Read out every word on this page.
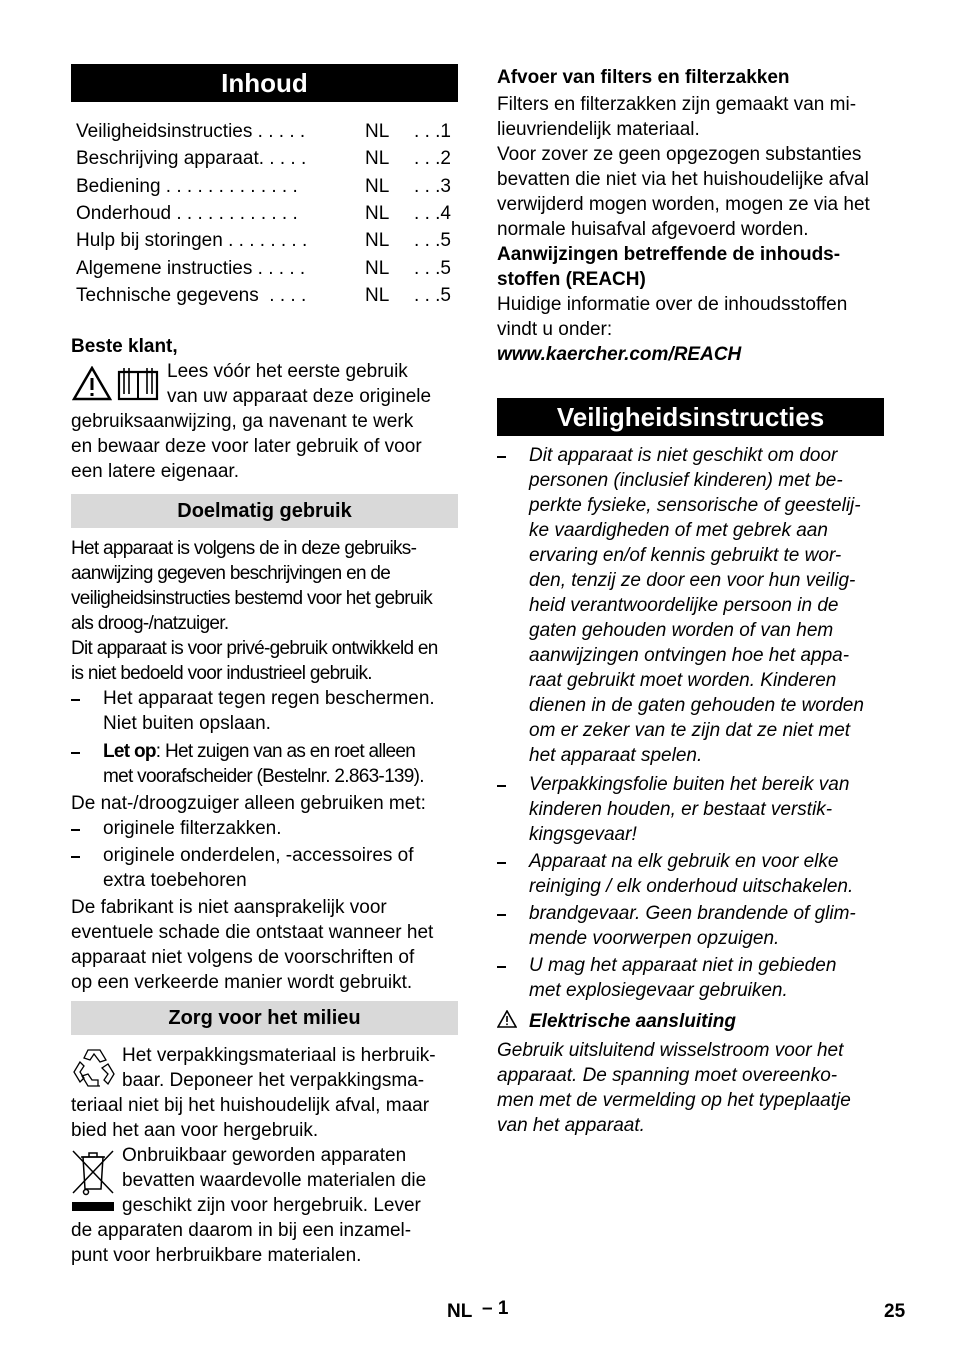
Inhoud
Veiligheidsinstructies . . . . .	NL . . .1
Beschrijving apparaat. . . . .	NL . . .2
Bediening . . . . . . . . . . . . .	NL . . .3
Onderhoud . . . . . . . . . . . .	NL . . .4
Hulp bij storingen . . . . . . . .	NL . . .5
Algemene instructies . . . . .	NL . . .5
Technische gegevens  . . . .	NL . . .5
Beste klant,
Lees vóór het eerste gebruik
van uw apparaat deze originele
gebruiksaanwijzing, ga navenant te werk
en bewaar deze voor later gebruik of voor
een latere eigenaar.
Doelmatig gebruik
Het apparaat is volgens de in deze gebruiks-
aanwijzing gegeven beschrijvingen en de
veiligheidsinstructies bestemd voor het gebruik
als droog-/natzuiger.
Dit apparaat is voor privé-gebruik ontwikkeld en
is niet bedoeld voor industrieel gebruik.
Het apparaat tegen regen beschermen.
Niet buiten opslaan.
Let op: Het zuigen van as en roet alleen
met voorafscheider (Bestelnr. 2.863-139).
De nat-/droogzuiger alleen gebruiken met:
originele filterzakken.
originele onderdelen, -accessoires of
extra toebehoren
De fabrikant is niet aansprakelijk voor
eventuele schade die ontstaat wanneer het
apparaat niet volgens de voorschriften of
op een verkeerde manier wordt gebruikt.
Zorg voor het milieu
Het verpakkingsmateriaal is herbruik-
baar. Deponeer het verpakkingsma-
teriaal niet bij het huishoudelijk afval, maar
bied het aan voor hergebruik.
Onbruikbaar geworden apparaten
bevatten waardevolle materialen die
geschikt zijn voor hergebruik. Lever
de apparaten daarom in bij een inzamel-
punt voor herbruikbare materialen.
Afvoer van filters en filterzakken
Filters en filterzakken zijn gemaakt van mi-
lieuvriendelijk materiaal.
Voor zover ze geen opgezogen substanties
bevatten die niet via het huishoudelijke afval
verwijderd mogen worden, mogen ze via het
normale huisafval afgevoerd worden.
Aanwijzingen betreffende de inhouds-
stoffen (REACH)
Huidige informatie over de inhoudsstoffen
vindt u onder:
www.kaercher.com/REACH
Veiligheidsinstructies
Dit apparaat is niet geschikt om door
personen (inclusief kinderen) met be-
perkte fysieke, sensorische of geestelij-
ke vaardigheden of met gebrek aan
ervaring en/of kennis gebruikt te wor-
den, tenzij ze door een voor hun veilig-
heid verantwoordelijke persoon in de
gaten gehouden worden of van hem
aanwijzingen ontvingen hoe het appa-
raat gebruikt moet worden. Kinderen
dienen in de gaten gehouden te worden
om er zeker van te zijn dat ze niet met
het apparaat spelen.
Verpakkingsfolie buiten het bereik van
kinderen houden, er bestaat verstik-
kingsgevaar!
Apparaat na elk gebruik en voor elke
reiniging / elk onderhoud uitschakelen.
brandgevaar. Geen brandende of glim-
mende voorwerpen opzuigen.
U mag het apparaat niet in gebieden
met explosiegevaar gebruiken.
Elektrische aansluiting
Gebruik uitsluitend wisselstroom voor het
apparaat. De spanning moet overeenko-
men met de vermelding op het typeplaatje
van het apparaat.
NL – 1	25
